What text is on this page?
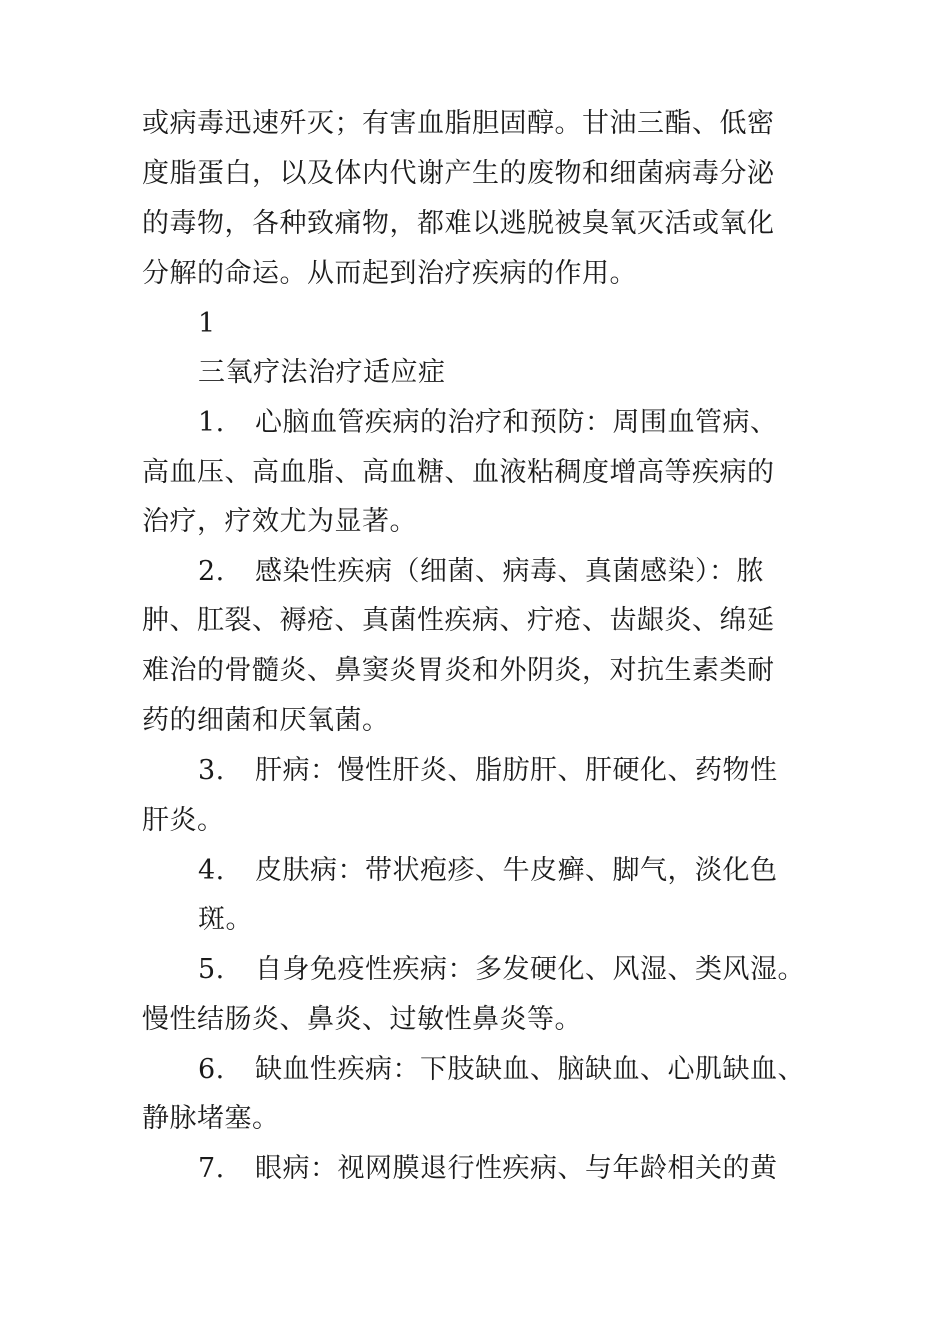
或病毒迅速歼灭；有害血脂胆固醇。甘油三酯、低密
度脂蛋白，以及体内代谢产生的废物和细菌病毒分泌
的毒物，各种致痛物，都难以逃脱被臭氧灭活或氧化
分解的命运。从而起到治疗疾病的作用。
1
三氧疗法治疗适应症
1. 心脑血管疾病的治疗和预防：周围血管病、
高血压、高血脂、高血糖、血液粘稠度增高等疾病的
治疗，疗效尤为显著。
2. 感染性疾病（细菌、病毒、真菌感染）：脓
肿、肛裂、褥疮、真菌性疾病、疔疮、齿龈炎、绵延
难治的骨髓炎、鼻窦炎胃炎和外阴炎，对抗生素类耐
药的细菌和厌氧菌。
3. 肝病：慢性肝炎、脂肪肝、肝硬化、药物性
肝炎。
4. 皮肤病：带状疱疹、牛皮癣、脚气，淡化色
斑。
5. 自身免疫性疾病：多发硬化、风湿、类风湿。
慢性结肠炎、鼻炎、过敏性鼻炎等。
6. 缺血性疾病：下肢缺血、脑缺血、心肌缺血、
静脉堵塞。
7. 眼病：视网膜退行性疾病、与年龄相关的黄
